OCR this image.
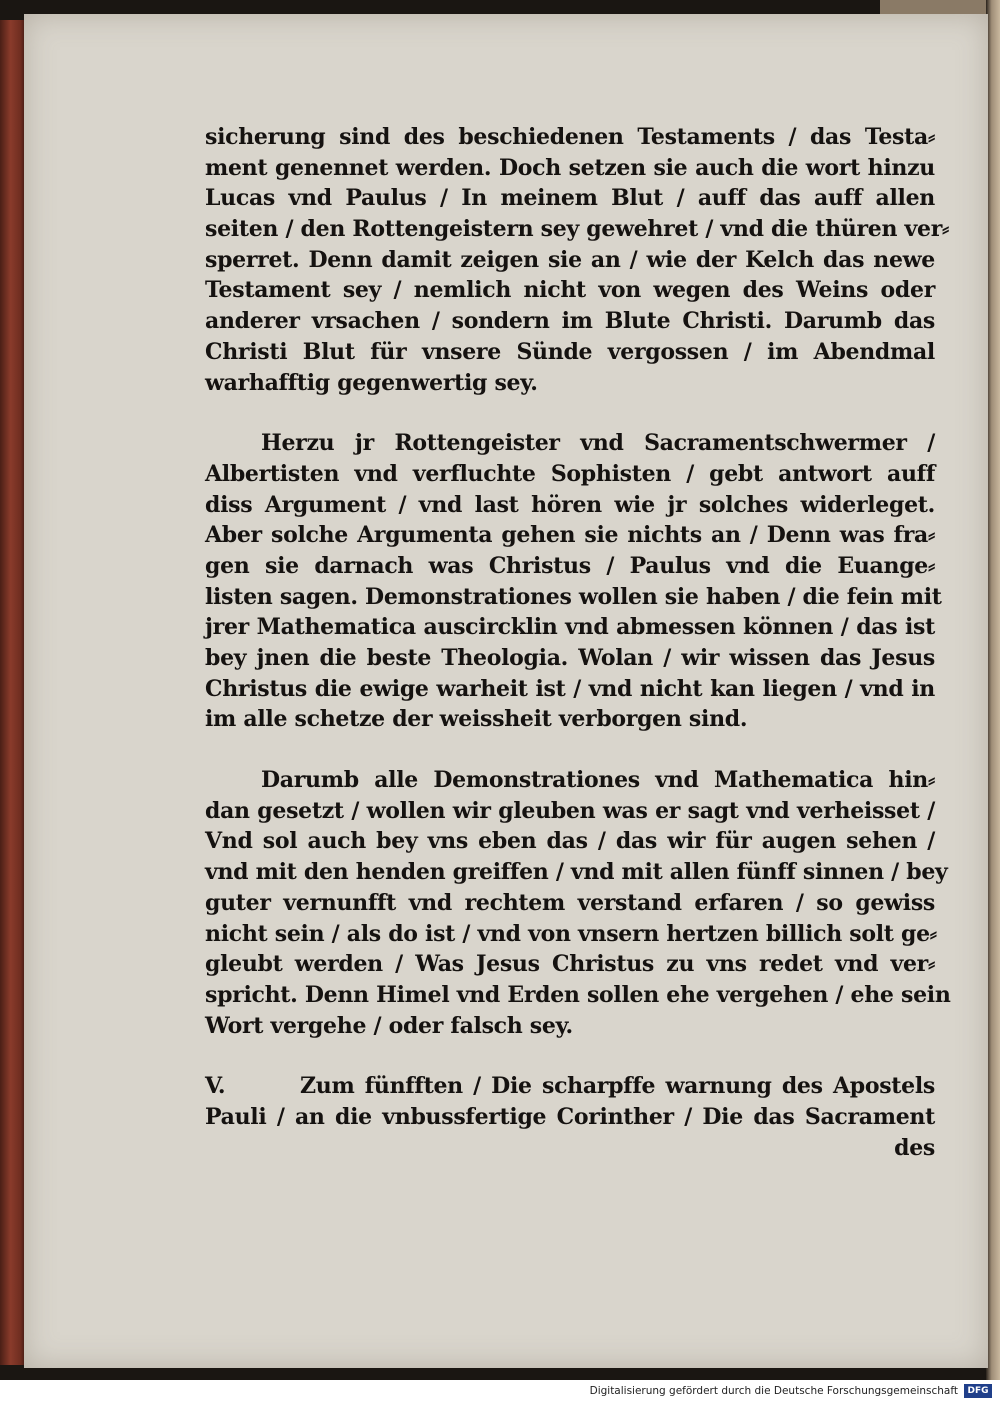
sicherung sind des beschiedenen Testaments / das Testa⸗
ment genennet werden. Doch setzen sie auch die wort hinzu
Lucas vnd Paulus / In meinem Blut / auff das auff allen
seiten / den Rottengeistern sey gewehret / vnd die thüren ver⸗
sperret. Denn damit zeigen sie an / wie der Kelch das newe
Testament sey / nemlich nicht von wegen des Weins oder
anderer vrsachen / sondern im Blute Christi. Darumb das
Christi Blut für vnsere Sünde vergossen / im Abendmal
warhafftig gegenwertig sey.
Herzu jr Rottengeister vnd Sacramentschwermer /
Albertisten vnd verfluchte Sophisten / gebt antwort auff
diss Argument / vnd last hören wie jr solches widerleget.
Aber solche Argumenta gehen sie nichts an / Denn was fra⸗
gen sie darnach was Christus / Paulus vnd die Euange⸗
listen sagen. Demonstrationes wollen sie haben / die fein mit
jrer Mathematica auscircklin vnd abmessen können / das ist
bey jnen die beste Theologia. Wolan / wir wissen das Jesus
Christus die ewige warheit ist / vnd nicht kan liegen / vnd in
im alle schetze der weissheit verborgen sind.
Darumb alle Demonstrationes vnd Mathematica hin⸗
dan gesetzt / wollen wir gleuben was er sagt vnd verheisset /
Vnd sol auch bey vns eben das / das wir für augen sehen /
vnd mit den henden greiffen / vnd mit allen fünff sinnen / bey
guter vernunfft vnd rechtem verstand erfaren / so gewiss
nicht sein / als do ist / vnd von vnsern hertzen billich solt ge⸗
gleubt werden / Was Jesus Christus zu vns redet vnd ver⸗
spricht. Denn Himel vnd Erden sollen ehe vergehen / ehe sein
Wort vergehe / oder falsch sey.
V.	Zum fünfften / Die scharpffe warnung des Apostels
Pauli / an die vnbussfertige Corinther / Die das Sacrament
des
Digitalisierung gefördert durch die Deutsche Forschungsgemeinschaft	DFG
